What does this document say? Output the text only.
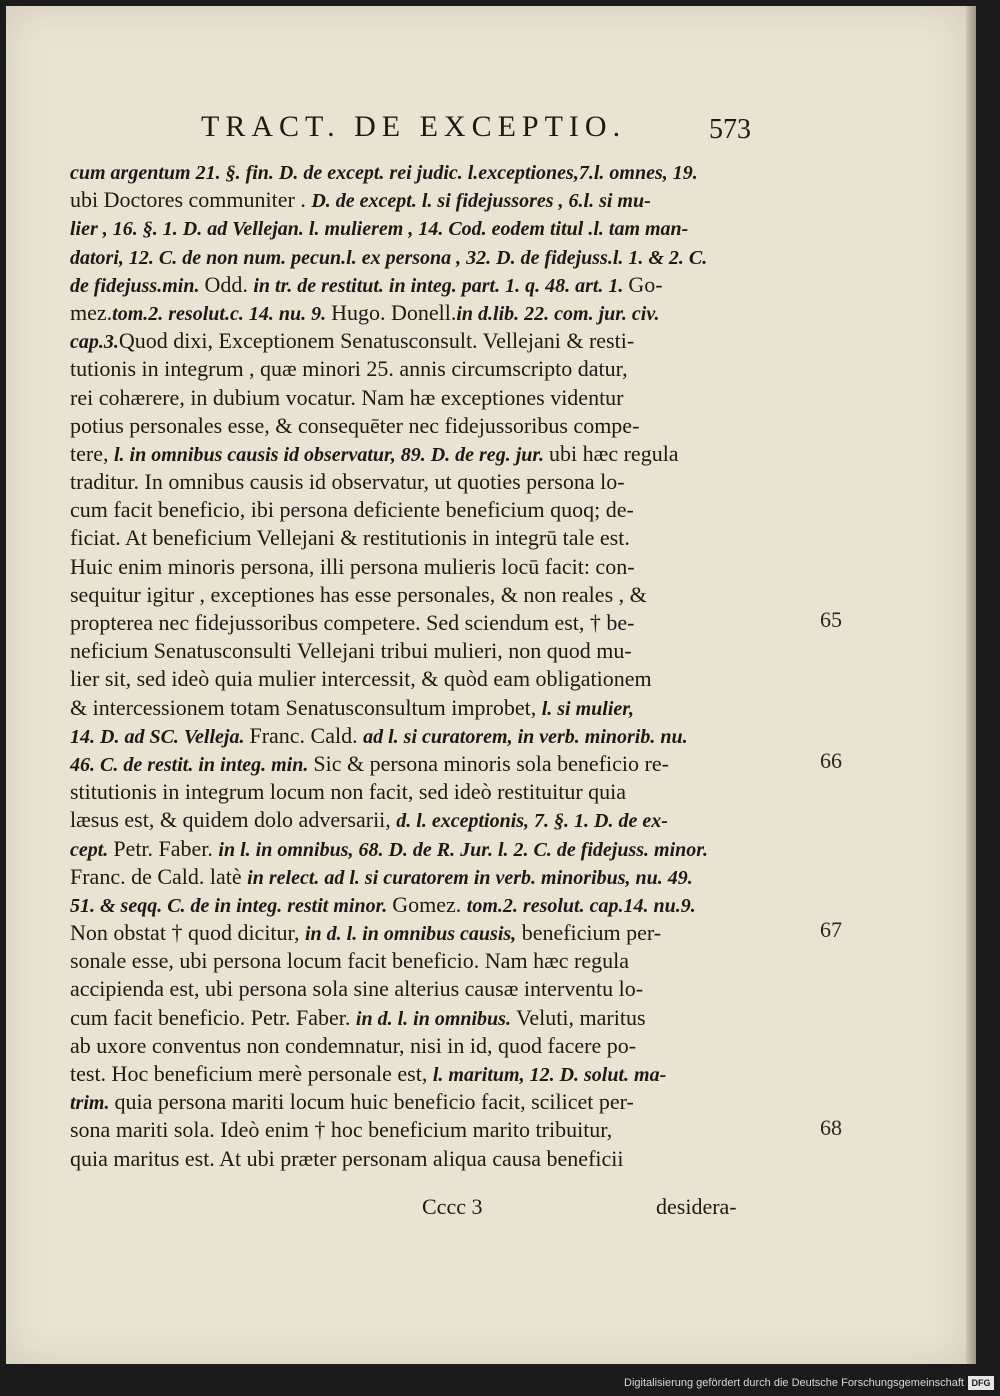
TRACT. DE EXCEPTIO.	573
cum argentum 21. §. fin. D. de except. rei judic. l.exceptiones,7.l. omnes, 19.
ubi Doctores communiter . D. de except. l. si fidejussores , 6.l. si mu-
lier , 16. §. 1. D. ad Vellejan. l. mulierem , 14. Cod. eodem titul .l. tam man-
datori, 12. C. de non num. pecun.l. ex persona , 32. D. de fidejuss.l. 1. & 2. C.
de fidejuss.min. Odd. in tr. de restitut. in integ. part. 1. q. 48. art. 1. Go-
mez.tom.2. resolut.c. 14. nu. 9. Hugo. Donell.in d.lib. 22. com. jur. civ.
cap.3.Quod dixi, Exceptionem Senatusconsult. Vellejani & resti-
tutionis in integrum , quæ minori 25. annis circumscripto datur,
rei cohærere, in dubium vocatur. Nam hæ exceptiones videntur
potius personales esse, & consequēter nec fidejussoribus compe-
tere, l. in omnibus causis id observatur, 89. D. de reg. jur. ubi hæc regula
traditur. In omnibus causis id observatur, ut quoties persona lo-
cum facit beneficio, ibi persona deficiente beneficium quoq; de-
ficiat. At beneficium Vellejani & restitutionis in integrū tale est.
Huic enim minoris persona, illi persona mulieris locū facit: con-
sequitur igitur , exceptiones has esse personales, & non reales , &
propterea nec fidejussoribus competere. Sed sciendum est, † be-
neficium Senatusconsulti Vellejani tribui mulieri, non quod mu-
lier sit, sed ideò quia mulier intercessit, & quòd eam obligationem
& intercessionem totam Senatusconsultum improbet, l. si mulier,
14. D. ad SC. Velleja. Franc. Cald. ad l. si curatorem, in verb. minorib. nu.
46. C. de restit. in integ. min. Sic & persona minoris sola beneficio re-
stitutionis in integrum locum non facit, sed ideò restituitur quia
læsus est, & quidem dolo adversarii, d. l. exceptionis, 7. §. 1. D. de ex-
cept. Petr. Faber. in l. in omnibus, 68. D. de R. Jur. l. 2. C. de fidejuss. minor.
Franc. de Cald. latè in relect. ad l. si curatorem in verb. minoribus, nu. 49.
51. & seqq. C. de in integ. restit minor. Gomez. tom.2. resolut. cap.14. nu.9.
Non obstat † quod dicitur, in d. l. in omnibus causis, beneficium per-
sonale esse, ubi persona locum facit beneficio. Nam hæc regula
accipienda est, ubi persona sola sine alterius causæ interventu lo-
cum facit beneficio. Petr. Faber. in d. l. in omnibus. Veluti, maritus
ab uxore conventus non condemnatur, nisi in id, quod facere po-
test. Hoc beneficium merè personale est, l. maritum, 12. D. solut. ma-
trim. quia persona mariti locum huic beneficio facit, scilicet per-
sona mariti sola. Ideò enim † hoc beneficium marito tribuitur,
quia maritus est. At ubi præter personam aliqua causa beneficii
65
66
67
68
Cccc 3	desidera-
Digitalisierung gefördert durch die Deutsche Forschungsgemeinschaft DFG
